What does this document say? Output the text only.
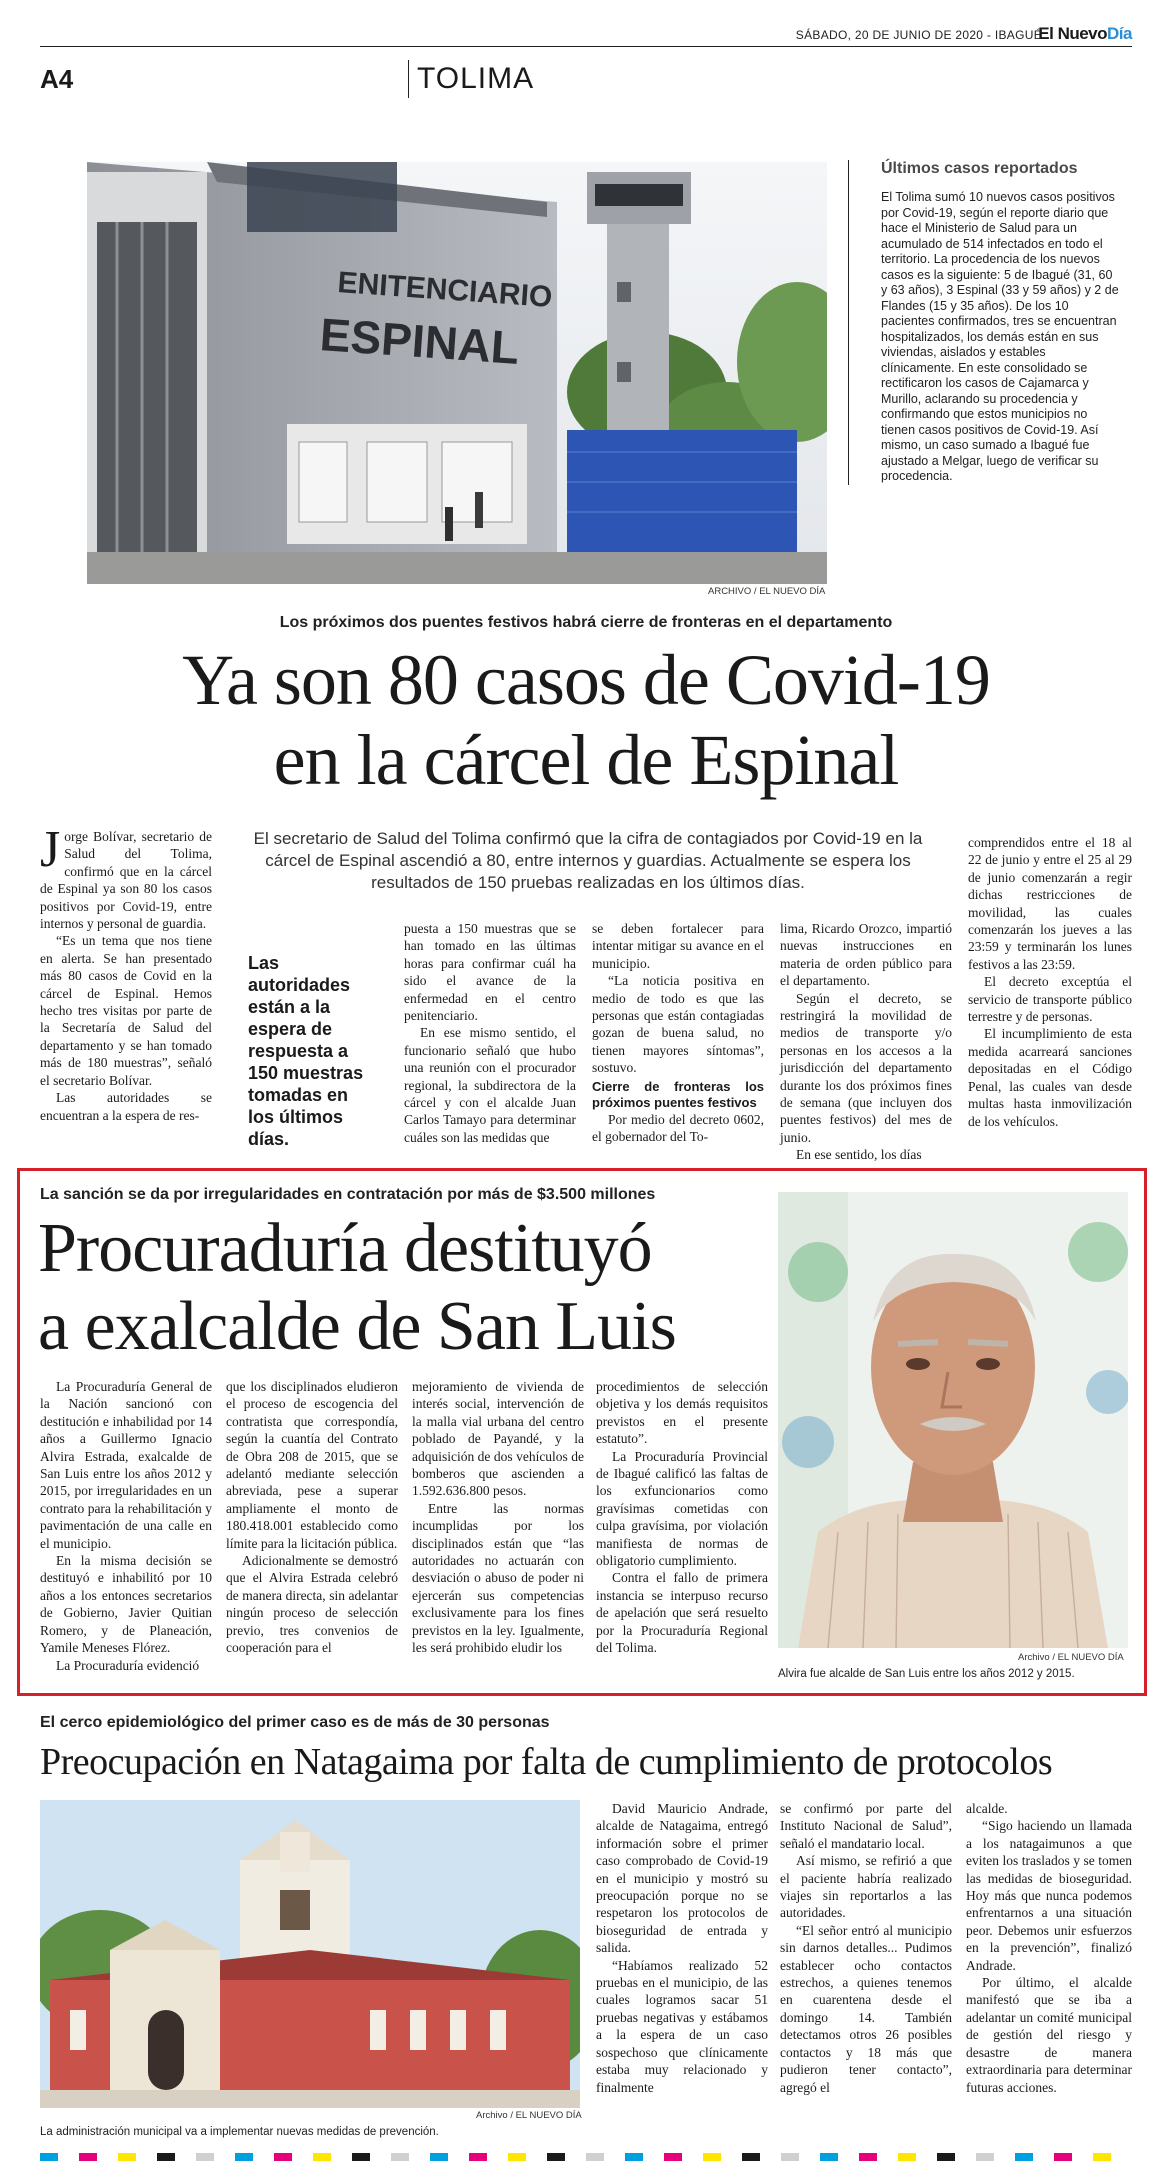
SÁBADO, 20 DE JUNIO DE 2020 - IBAGUÉ
El NuevoDía
A4	TOLIMA
ENITENCIARIO
ESPINAL
ARCHIVO / EL NUEVO DÍA
Últimos casos reportados

El Tolima sumó 10 nuevos casos positivos por Covid-19, según el reporte diario que hace el Ministerio de Salud para un acumulado de 514 infectados en todo el territorio. La procedencia de los nuevos casos es la siguiente: 5 de Ibagué (31, 60 y 63 años), 3 Espinal (33 y 59 años) y 2 de Flandes (15 y 35 años). De los 10 pacientes confirmados, tres se encuentran hospitalizados, los demás están en sus viviendas, aislados y estables clínicamente. En este consolidado se rectificaron los casos de Cajamarca y Murillo, aclarando su procedencia y confirmando que estos municipios no tienen casos positivos de Covid-19. Así mismo, un caso sumado a Ibagué fue ajustado a Melgar, luego de verificar su procedencia.

Los próximos dos puentes festivos habrá cierre de fronteras en el departamento
Ya son 80 casos de Covid-19
en la cárcel de Espinal
El secretario de Salud del Tolima confirmó que la cifra de contagiados por Covid-19 en la cárcel de Espinal ascendió a 80, entre internos y guardias. Actualmente se espera los resultados de 150 pruebas realizadas en los últimos días.

Jorge Bolívar, secretario de Salud del Tolima, confirmó que en la cárcel de Espinal ya son 80 los casos positivos por Covid-19, entre internos y personal de guardia.

“Es un tema que nos tiene en alerta. Se han presentado más 80 casos de Covid en la cárcel de Espinal. Hemos hecho tres visitas por parte de la Secretaría de Salud del departamento y se han tomado más de 180 muestras”, señaló el secretario Bolívar.

Las autoridades se encuentran a la espera de res-

Las autoridades están a la espera de respuesta a 150 muestras tomadas en los últimos días.

puesta a 150 muestras que se han tomado en las últimas horas para confirmar cuál ha sido el avance de la enfermedad en el centro penitenciario.

En ese mismo sentido, el funcionario señaló que hubo una reunión con el procurador regional, la subdirectora de la cárcel y con el alcalde Juan Carlos Tamayo para determinar cuáles son las medidas que

se deben fortalecer para intentar mitigar su avance en el municipio.

“La noticia positiva en medio de todo es que las personas que están contagiadas gozan de buena salud, no tienen mayores síntomas”, sostuvo.

Cierre de fronteras los próximos puentes festivos

Por medio del decreto 0602, el gobernador del To-

lima, Ricardo Orozco, impartió nuevas instrucciones en materia de orden público para el departamento.

Según el decreto, se restringirá la movilidad de medios de transporte y/o personas en los accesos a la jurisdicción del departamento durante los dos próximos fines de semana (que incluyen dos puentes festivos) del mes de junio.

En ese sentido, los días

comprendidos entre el 18 al 22 de junio y entre el 25 al 29 de junio comenzarán a regir dichas restricciones de movilidad, las cuales comenzarán los jueves a las 23:59 y terminarán los lunes festivos a las 23:59.

El decreto exceptúa el servicio de transporte público terrestre y de personas.

El incumplimiento de esta medida acarreará sanciones depositadas en el Código Penal, las cuales van desde multas hasta inmovilización de los vehículos.

La sanción se da por irregularidades en contratación por más de $3.500 millones
Procuraduría destituyó
a exalcalde de San Luis

La Procuraduría General de la Nación sancionó con destitución e inhabilidad por 14 años a Guillermo Ignacio Alvira Estrada, exalcalde de San Luis entre los años 2012 y 2015, por irregularidades en un contrato para la rehabilitación y pavimentación de una calle en el municipio.

En la misma decisión se destituyó e inhabilitó por 10 años a los entonces secretarios de Gobierno, Javier Quitian Romero, y de Planeación, Yamile Meneses Flórez.

La Procuraduría evidenció

que los disciplinados eludieron el proceso de escogencia del contratista que correspondía, según la cuantía del Contrato de Obra 208 de 2015, que se adelantó mediante selección abreviada, pese a superar ampliamente el monto de 180.418.001 establecido como límite para la licitación pública.

Adicionalmente se demostró que el Alvira Estrada celebró de manera directa, sin adelantar ningún proceso de selección previo, tres convenios de cooperación para el

mejoramiento de vivienda de interés social, intervención de la malla vial urbana del centro poblado de Payandé, y la adquisición de dos vehículos de bomberos que ascienden a 1.592.636.800 pesos.

Entre las normas incumplidas por los disciplinados están que “las autoridades no actuarán con desviación o abuso de poder ni ejercerán sus competencias exclusivamente para los fines previstos en la ley. Igualmente, les será prohibido eludir los

procedimientos de selección objetiva y los demás requisitos previstos en el presente estatuto”.

La Procuraduría Provincial de Ibagué calificó las faltas de los exfuncionarios como gravísimas cometidas con culpa gravísima, por violación manifiesta de normas de obligatorio cumplimiento.

Contra el fallo de primera instancia se interpuso recurso de apelación que será resuelto por la Procuraduría Regional del Tolima.

Archivo / EL NUEVO DÍA
Alvira fue alcalde de San Luis entre los años 2012 y 2015.
El cerco epidemiológico del primer caso es de más de 30 personas
Preocupación en Natagaima por falta de cumplimiento de protocolos
Archivo / EL NUEVO DÍA
La administración municipal va a implementar nuevas medidas de prevención.

David Mauricio Andrade, alcalde de Natagaima, entregó información sobre el primer caso comprobado de Covid-19 en el municipio y mostró su preocupación porque no se respetaron los protocolos de bioseguridad de entrada y salida.

“Habíamos realizado 52 pruebas en el municipio, de las cuales logramos sacar 51 pruebas negativas y estábamos a la espera de un caso sospechoso que clínicamente estaba muy relacionado y finalmente

se confirmó por parte del Instituto Nacional de Salud”, señaló el mandatario local.

Así mismo, se refirió a que el paciente habría realizado viajes sin reportarlos a las autoridades.

“El señor entró al municipio sin darnos detalles... Pudimos establecer ocho contactos estrechos, a quienes tenemos en cuarentena desde el domingo 14. También detectamos otros 26 posibles contactos y 18 más que pudieron tener contacto”, agregó el

alcalde.

“Sigo haciendo un llamada a los natagaimunos a que eviten los traslados y se tomen las medidas de bioseguridad. Hoy más que nunca podemos enfrentarnos a una situación peor. Debemos unir esfuerzos en la prevención”, finalizó Andrade.

Por último, el alcalde manifestó que se iba a adelantar un comité municipal de gestión del riesgo y desastre de manera extraordinaria para determinar futuras acciones.
